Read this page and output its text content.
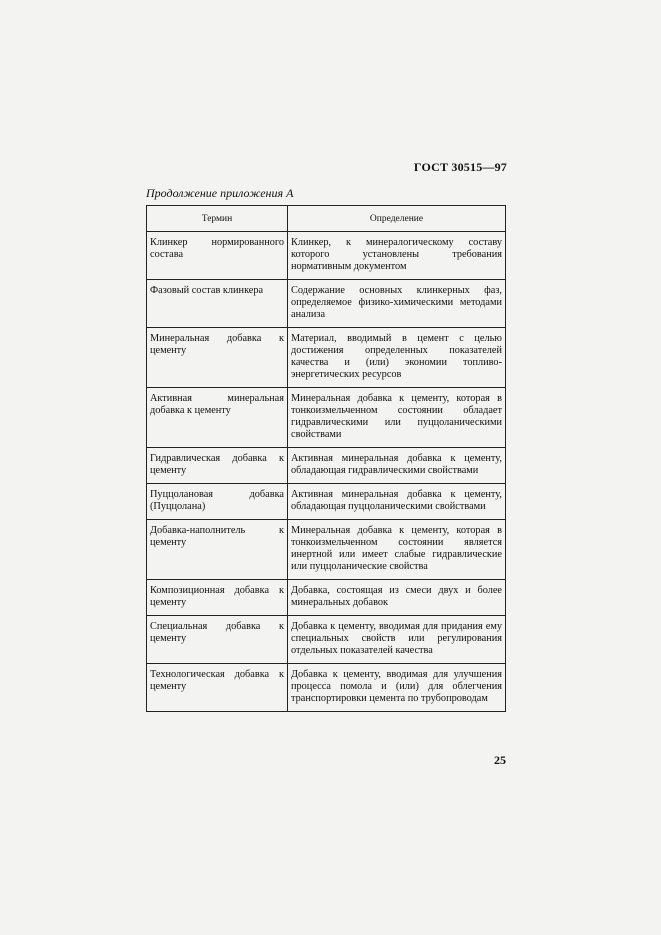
ГОСТ 30515—97
Продолжение приложения А
Термин	Определение
Клинкер нормированного состава	Клинкер, к минералогическому составу которого установлены требования нормативным документом
Фазовый состав клинкера	Содержание основных клинкерных фаз, определяемое физико-химическими методами анализа
Минеральная добавка к цементу	Материал, вводимый в цемент с целью достижения определенных показателей качества и (или) экономии топливо-энергетических ресурсов
Активная минеральная добавка к цементу	Минеральная добавка к цементу, которая в тонкоизмельченном состоянии обладает гидравлическими или пуццоланическими свойствами
Гидравлическая добавка к цементу	Активная минеральная добавка к цементу, обладающая гидравлическими свойствами
Пуццолановая добавка (Пуццолана)	Активная минеральная добавка к цементу, обладающая пуццоланическими свойствами
Добавка-наполнитель к цементу	Минеральная добавка к цементу, которая в тонкоизмельченном состоянии является инертной или имеет слабые гидравлические или пуццоланические свойства
Композиционная добавка к цементу	Добавка, состоящая из смеси двух и более минеральных добавок
Специальная добавка к цементу	Добавка к цементу, вводимая для придания ему специальных свойств или регулирования отдельных показателей качества
Технологическая добавка к цементу	Добавка к цементу, вводимая для улучшения процесса помола и (или) для облегчения транспортировки цемента по трубопроводам
25
